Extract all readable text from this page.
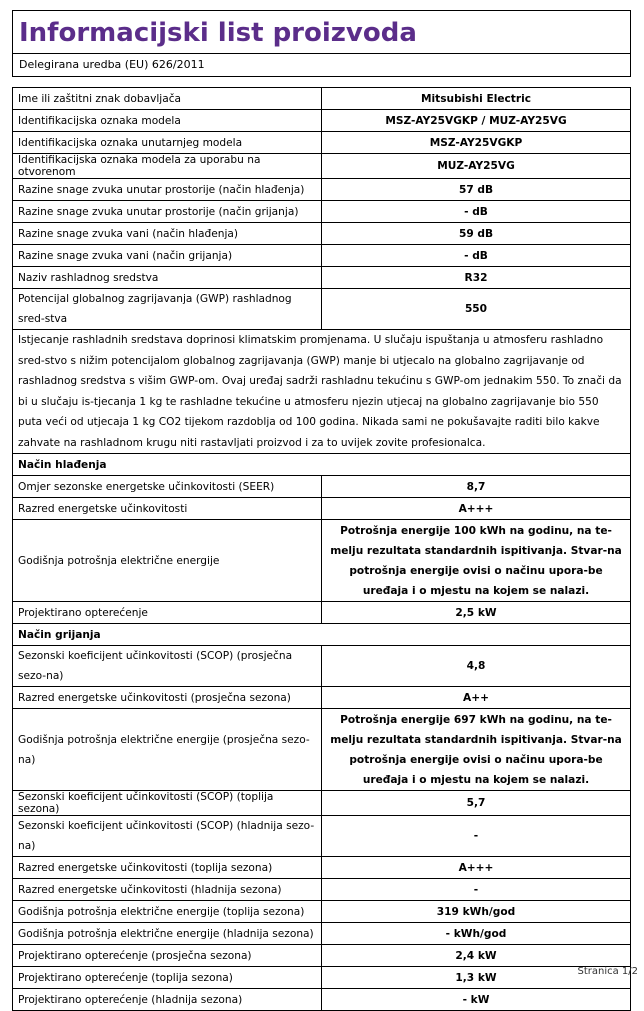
Informacijski list proizvoda
Delegirana uredba (EU) 626/2011
Ime ili zaštitni znak dobavljača	Mitsubishi Electric
Identifikacijska oznaka modela	MSZ-AY25VGKP / MUZ-AY25VG
Identifikacijska oznaka unutarnjeg modela	MSZ-AY25VGKP
Identifikacijska oznaka modela za uporabu na otvorenom	MUZ-AY25VG
Razine snage zvuka unutar prostorije (način hlađenja)	57 dB
Razine snage zvuka unutar prostorije (način grijanja)	- dB
Razine snage zvuka vani (način hlađenja)	59 dB
Razine snage zvuka vani (način grijanja)	- dB
Naziv rashladnog sredstva	R32
Potencijal globalnog zagrijavanja (GWP) rashladnog sred-stva	550
Istjecanje rashladnih sredstava doprinosi klimatskim promjenama. U slučaju ispuštanja u atmosferu rashladno sred-stvo s nižim potencijalom globalnog zagrijavanja (GWP) manje bi utjecalo na globalno zagrijavanje od rashladnog sredstva s višim GWP-om. Ovaj uređaj sadrži rashladnu tekućinu s GWP-om jednakim 550. To znači da bi u slučaju is-tjecanja 1 kg te rashladne tekućine u atmosferu njezin utjecaj na globalno zagrijavanje bio 550 puta veći od utjecaja 1 kg CO2 tijekom razdoblja od 100 godina. Nikada sami ne pokušavajte raditi bilo kakve zahvate na rashladnom krugu niti rastavljati proizvod i za to uvijek zovite profesionalca.	
Način hlađenja	
Omjer sezonske energetske učinkovitosti (SEER)	8,7
Razred energetske učinkovitosti	A+++
Godišnja potrošnja električne energije	Potrošnja energije 100 kWh na godinu, na te-melju rezultata standardnih ispitivanja. Stvar-na potrošnja energije ovisi o načinu upora-be uređaja i o mjestu na kojem se nalazi.
Projektirano opterećenje	2,5 kW
Način grijanja	
Sezonski koeficijent učinkovitosti (SCOP) (prosječna sezo-na)	4,8
Razred energetske učinkovitosti (prosječna sezona)	A++
Godišnja potrošnja električne energije (prosječna sezo-na)	Potrošnja energije 697 kWh na godinu, na te-melju rezultata standardnih ispitivanja. Stvar-na potrošnja energije ovisi o načinu upora-be uređaja i o mjestu na kojem se nalazi.
Sezonski koeficijent učinkovitosti (SCOP) (toplija sezona)	5,7
Sezonski koeficijent učinkovitosti (SCOP) (hladnija sezo-na)	-
Razred energetske učinkovitosti (toplija sezona)	A+++
Razred energetske učinkovitosti (hladnija sezona)	-
Godišnja potrošnja električne energije (toplija sezona)	319 kWh/god
Godišnja potrošnja električne energije (hladnija sezona)	- kWh/god
Projektirano opterećenje (prosječna sezona)	2,4 kW
Projektirano opterećenje (toplija sezona)	1,3 kW
Projektirano opterećenje (hladnija sezona)	- kW
Stranica 1/2
